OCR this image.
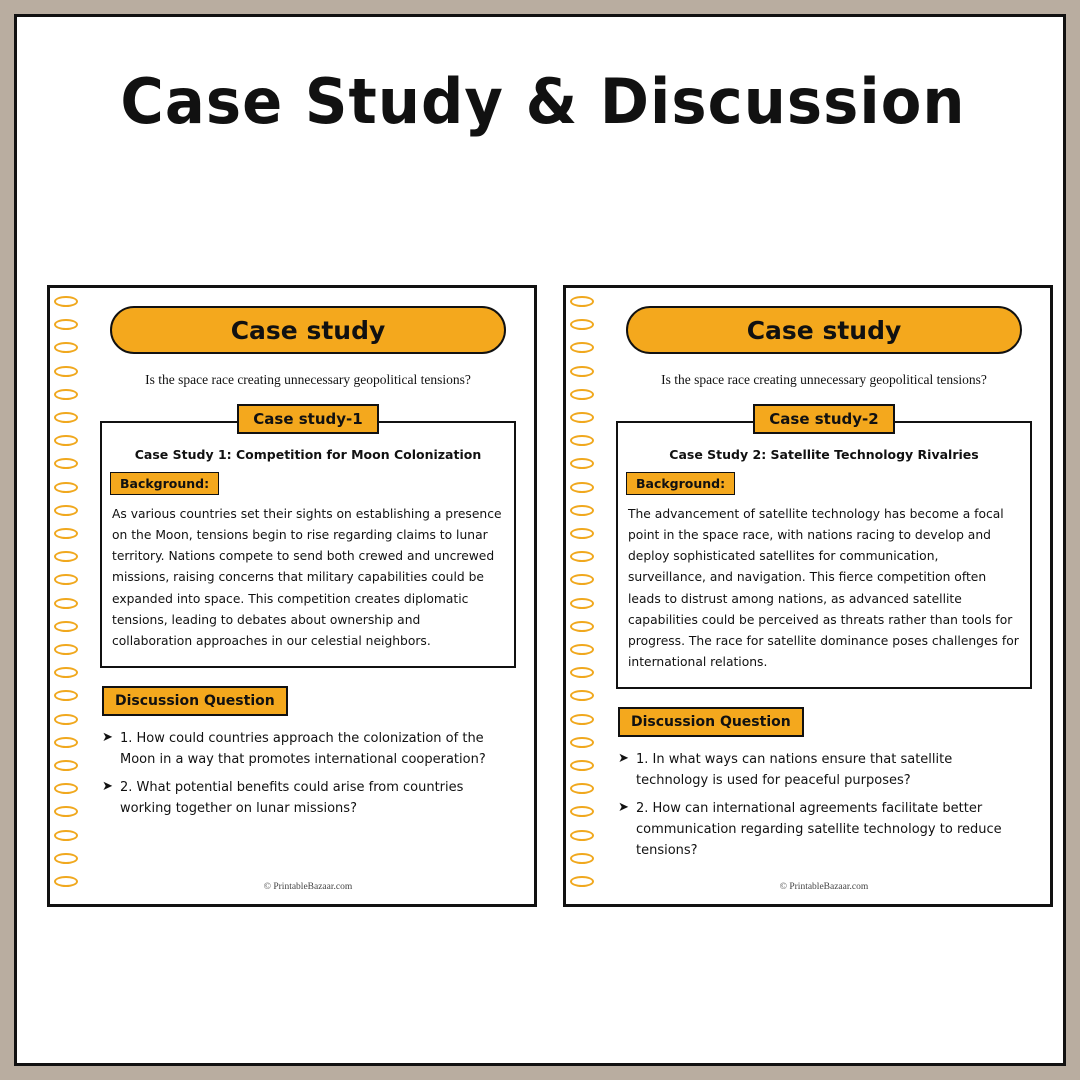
Case Study & Discussion
Case study
Is the space race creating unnecessary geopolitical tensions?
Case study-1
Case Study 1: Competition for Moon Colonization
Background:
As various countries set their sights on establishing a presence on the Moon, tensions begin to rise regarding claims to lunar territory. Nations compete to send both crewed and uncrewed missions, raising concerns that military capabilities could be expanded into space. This competition creates diplomatic tensions, leading to debates about ownership and collaboration approaches in our celestial neighbors.
Discussion Question
➤ 1. How could countries approach the colonization of the Moon in a way that promotes international cooperation?
➤ 2. What potential benefits could arise from countries working together on lunar missions?
© PrintableBazaar.com
Case study
Is the space race creating unnecessary geopolitical tensions?
Case study-2
Case Study 2: Satellite Technology Rivalries
Background:
The advancement of satellite technology has become a focal point in the space race, with nations racing to develop and deploy sophisticated satellites for communication, surveillance, and navigation. This fierce competition often leads to distrust among nations, as advanced satellite capabilities could be perceived as threats rather than tools for progress. The race for satellite dominance poses challenges for international relations.
Discussion Question
➤ 1. In what ways can nations ensure that satellite technology is used for peaceful purposes?
➤ 2. How can international agreements facilitate better communication regarding satellite technology to reduce tensions?
© PrintableBazaar.com
